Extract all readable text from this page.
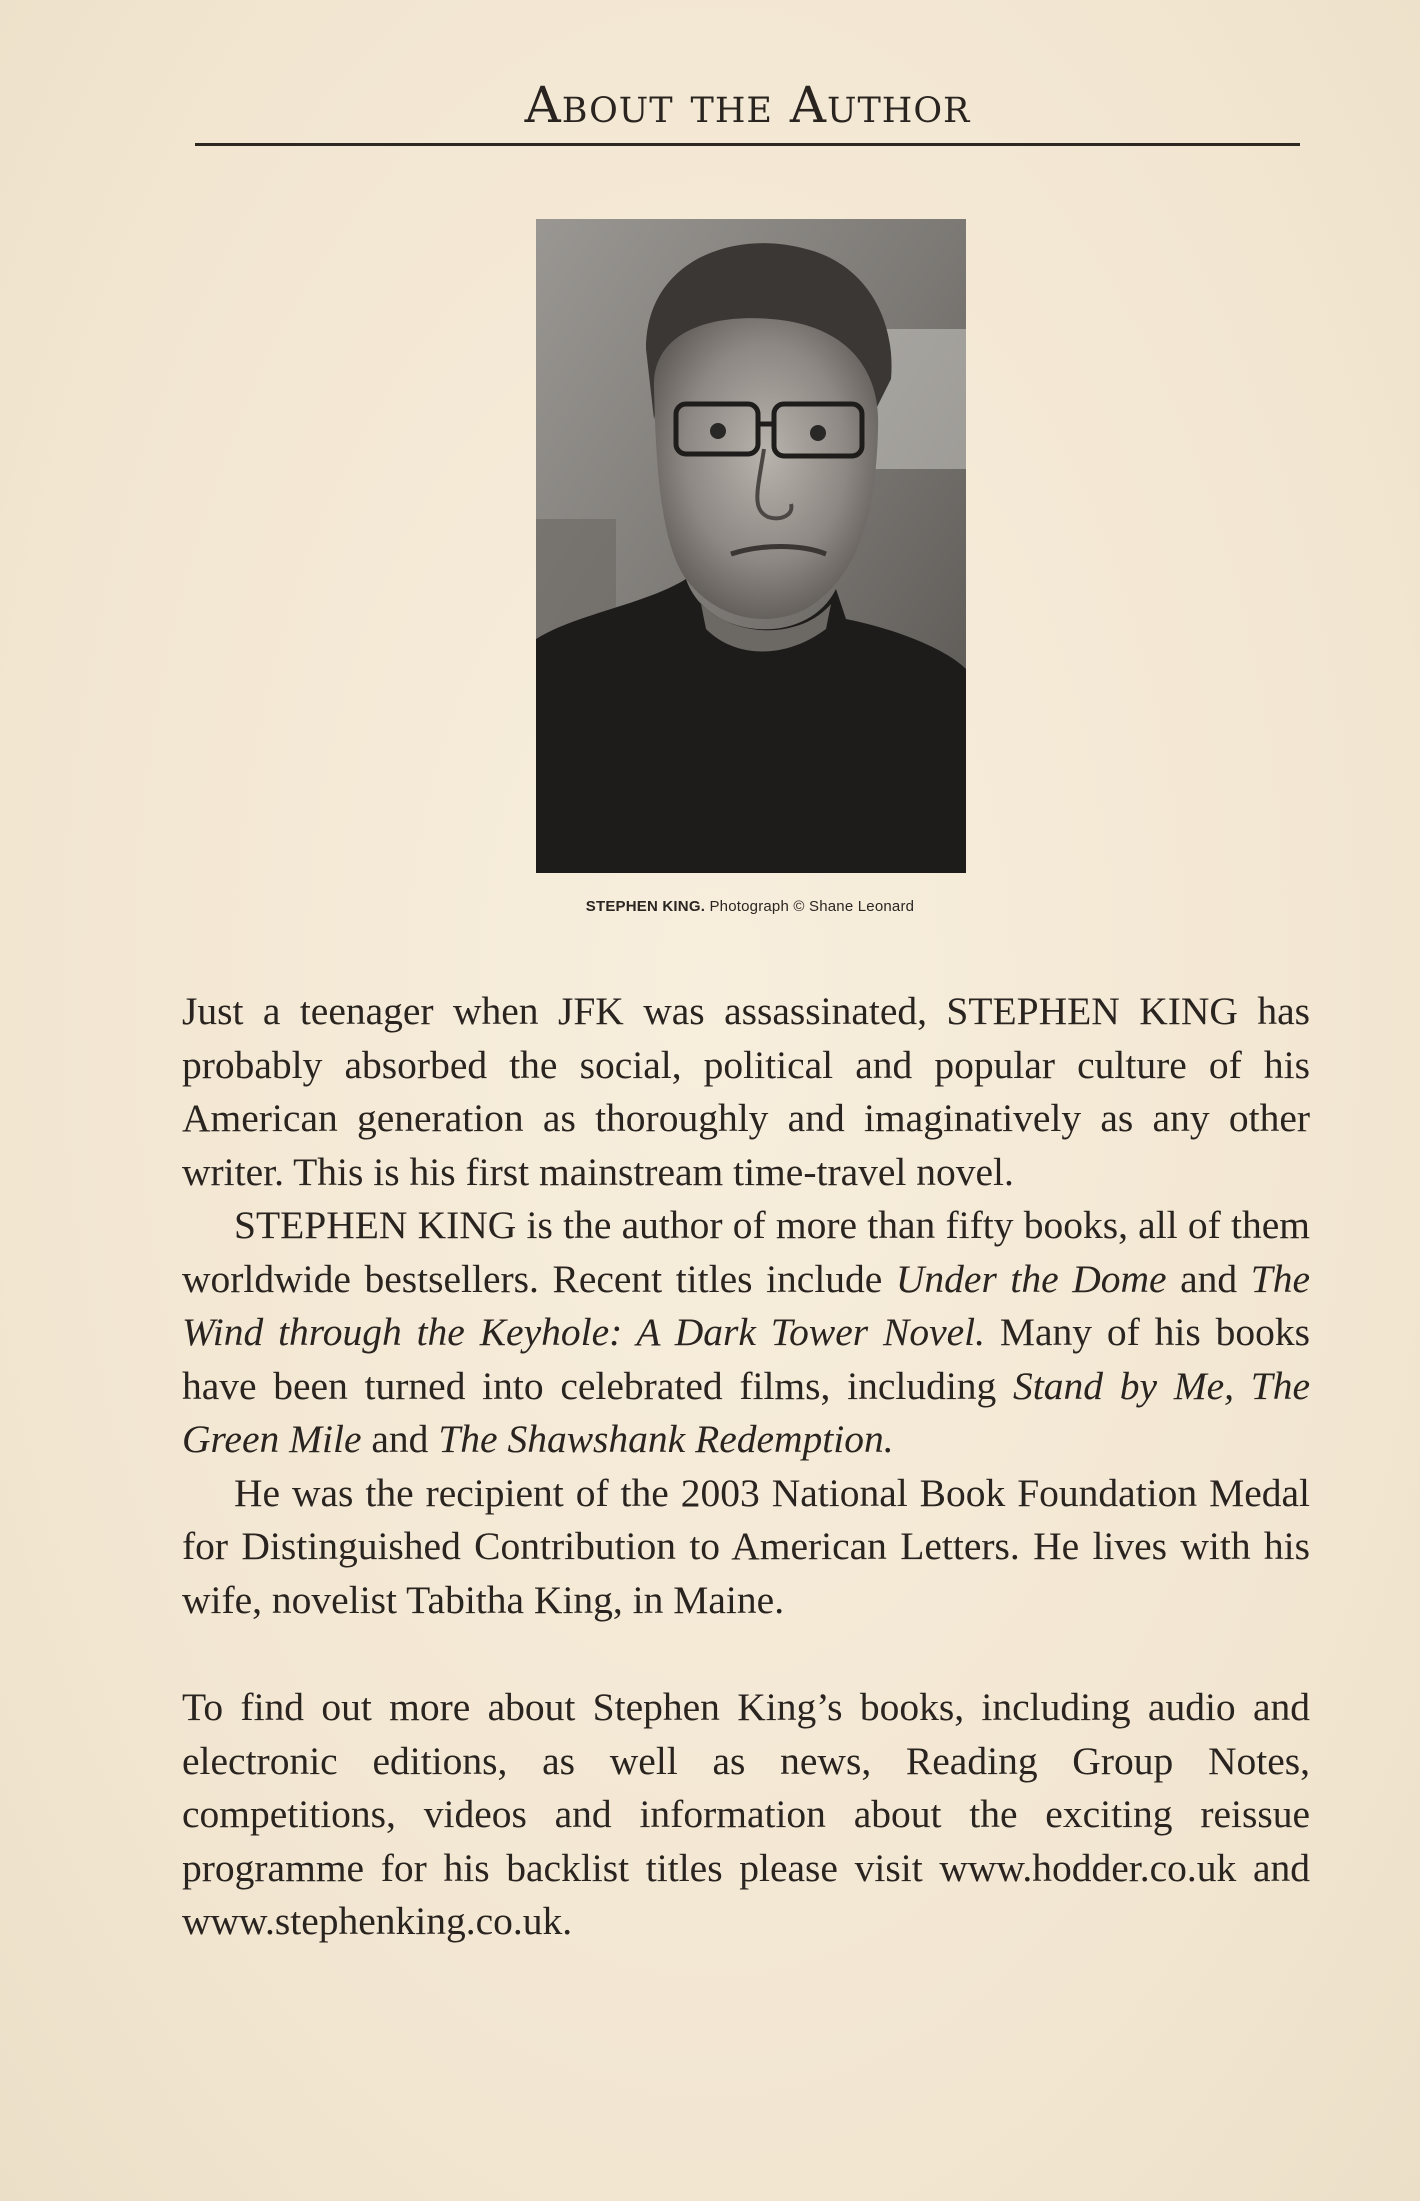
About the Author
STEPHEN KING. Photograph © Shane Leonard

Just a teenager when JFK was assassinated, STEPHEN KING has probably absorbed the social, political and popular culture of his American generation as thoroughly and imaginatively as any other writer. This is his first mainstream time-travel novel.

STEPHEN KING is the author of more than fifty books, all of them worldwide bestsellers. Recent titles include Under the Dome and The Wind through the Keyhole: A Dark Tower Novel. Many of his books have been turned into celebrated films, including Stand by Me, The Green Mile and The Shawshank Redemption.

He was the recipient of the 2003 National Book Foundation Medal for Distinguished Contribution to American Letters. He lives with his wife, novelist Tabitha King, in Maine.

To find out more about Stephen King’s books, including audio and electronic editions, as well as news, Reading Group Notes, competitions, videos and information about the exciting reissue programme for his backlist titles please visit www.hodder.co.uk and www.stephenking.co.uk.
